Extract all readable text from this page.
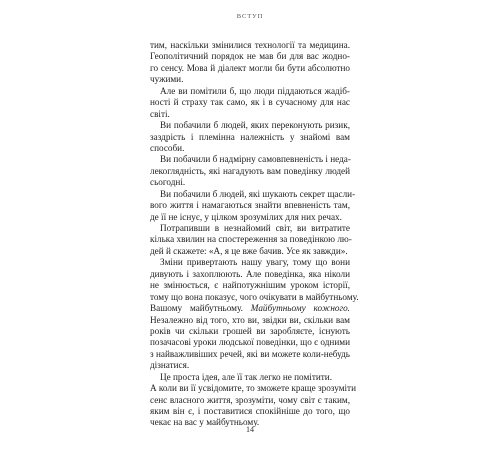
ВСТУП
тим, наскільки змінилися технології та медицина.
Геополітичний порядок не мав би для вас жодно-
го сенсу. Мова й діалект могли би бути абсолютно
чужими.
Але ви помітили б, що люди піддаються жадіб-
ності й страху так само, як і в сучасному для нас
світі.
Ви побачили б людей, яких переконують ризик,
заздрість і племінна належність у знайомі вам
способи.
Ви побачили б надмірну самовпевненість і неда-
лекоглядність, які нагадують вам поведінку людей
сьогодні.
Ви побачили б людей, які шукають секрет щасли-
вого життя і намагаються знайти впевненість там,
де її не існує, у цілком зрозумілих для них речах.
Потрапивши в незнайомий світ, ви витратите
кілька хвилин на спостереження за поведінкою лю-
дей й скажете: «А, я це вже бачив. Усе як завжди».
Зміни привертають нашу увагу, тому що вони
дивують і захоплюють. Але поведінка, яка ніколи
не змінюється, є найпотужнішим уроком історії,
тому що вона показує, чого очікувати в майбутньому.
Вашому майбутньому. Майбутньому кожного.
Незалежно від того, хто ви, звідки ви, скільки вам
років чи скільки грошей ви заробляєте, існують
позачасові уроки людської поведінки, що є одними
з найважливіших речей, які ви можете коли-небудь
дізнатися.
Це проста ідея, але її так легко не помітити.
А коли ви її усвідомите, то зможете краще зрозуміти
сенс власного життя, зрозуміти, чому світ є таким,
яким він є, і поставитися спокійніше до того, що
чекає на вас у майбутньому.
14
